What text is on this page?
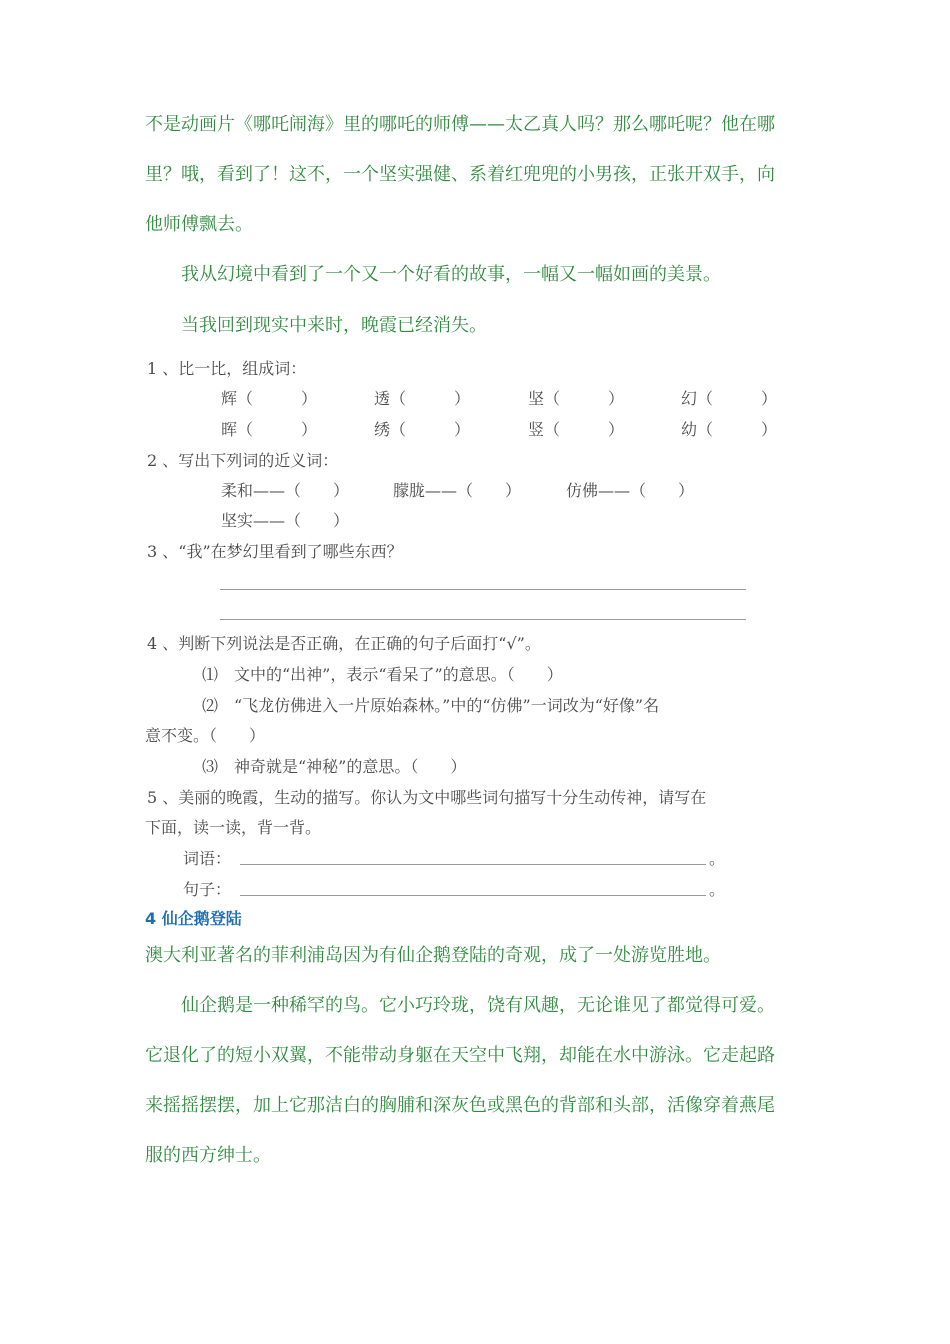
不是动画片《哪吒闹海》里的哪吒的师傅——太乙真人吗？那么哪吒呢？他在哪
里？哦，看到了！这不，一个坚实强健、系着红兜兜的小男孩，正张开双手，向
他师傅飘去。
我从幻境中看到了一个又一个好看的故事，一幅又一幅如画的美景。
当我回到现实中来时，晚霞已经消失。
1 、比一比，组成词：
辉（　　　）	透（　　　）	坚（　　　）	幻（　　　）
晖（　　　）	绣（　　　）	竖（　　　）	幼（　　　）
2 、写出下列词的近义词：
柔和——（　　）	朦胧——（　　）	仿佛——（　　）
坚实——（　　）
3 、“我”在梦幻里看到了哪些东西？
4 、判断下列说法是否正确，在正确的句子后面打“√”。
⑴　文中的“出神”，表示“看呆了”的意思。（　　）
⑵　“飞龙仿佛进入一片原始森林。”中的“仿佛”一词改为“好像”名
意不变。（　　）
⑶　神奇就是“神秘”的意思。（　　）
5 、美丽的晚霞，生动的描写。你认为文中哪些词句描写十分生动传神，请写在
下面，读一读，背一背。
词语：	。
句子：	。
4 仙企鹅登陆
澳大利亚著名的菲利浦岛因为有仙企鹅登陆的奇观，成了一处游览胜地。
仙企鹅是一种稀罕的鸟。它小巧玲珑，饶有风趣，无论谁见了都觉得可爱。
它退化了的短小双翼，不能带动身躯在天空中飞翔，却能在水中游泳。它走起路
来摇摇摆摆，加上它那洁白的胸脯和深灰色或黑色的背部和头部，活像穿着燕尾
服的西方绅士。
